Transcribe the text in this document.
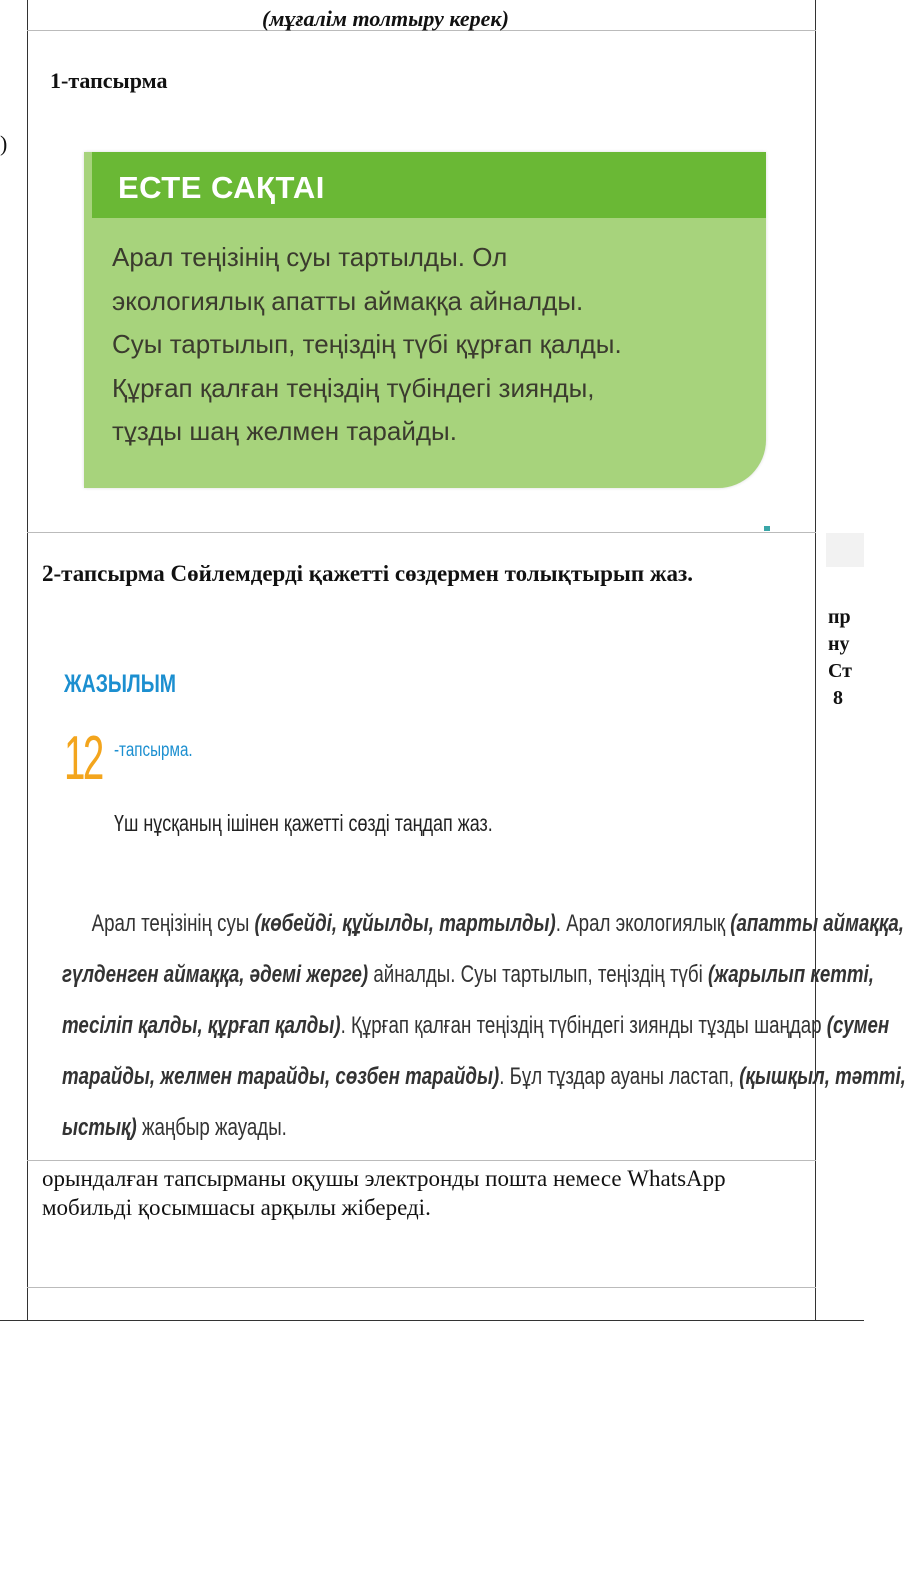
(мұғалім толтыру керек)
)
1-тапсырма
ЕСТЕ САҚТАІ
Арал теңізінің суы тартылды. Ол
экологиялық апатты аймаққа айналды.
Суы тартылып, теңіздің түбі құрғап қалды.
Құрғап қалған теңіздің түбіндегі зиянды,
тұзды шаң желмен тарайды.
2-тапсырма Сөйлемдерді қажетті сөздермен толықтырып жаз.
пр
ну
Ст
8
ЖАЗЫЛЫМ
12 -тапсырма.
Үш нұсқаның ішінен қажетті сөзді таңдап жаз.
Арал теңізінің суы (көбейді, құйылды, тартылды). Арал экологиялық (апатты аймаққа,
гүлденген аймаққа, әдемі жерге) айналды. Суы тартылып, теңіздің түбі (жарылып кетті,
тесіліп қалды, құрғап қалды). Құрғап қалған теңіздің түбіндегі зиянды тұзды шаңдар (сумен
тарайды, желмен тарайды, сөзбен тарайды). Бұл тұздар ауаны ластап, (қышқыл, тәтті,
ыстық) жаңбыр жауады.
орындалған тапсырманы оқушы электронды пошта немесе WhatsApp мобильді қосымшасы арқылы жібереді.
